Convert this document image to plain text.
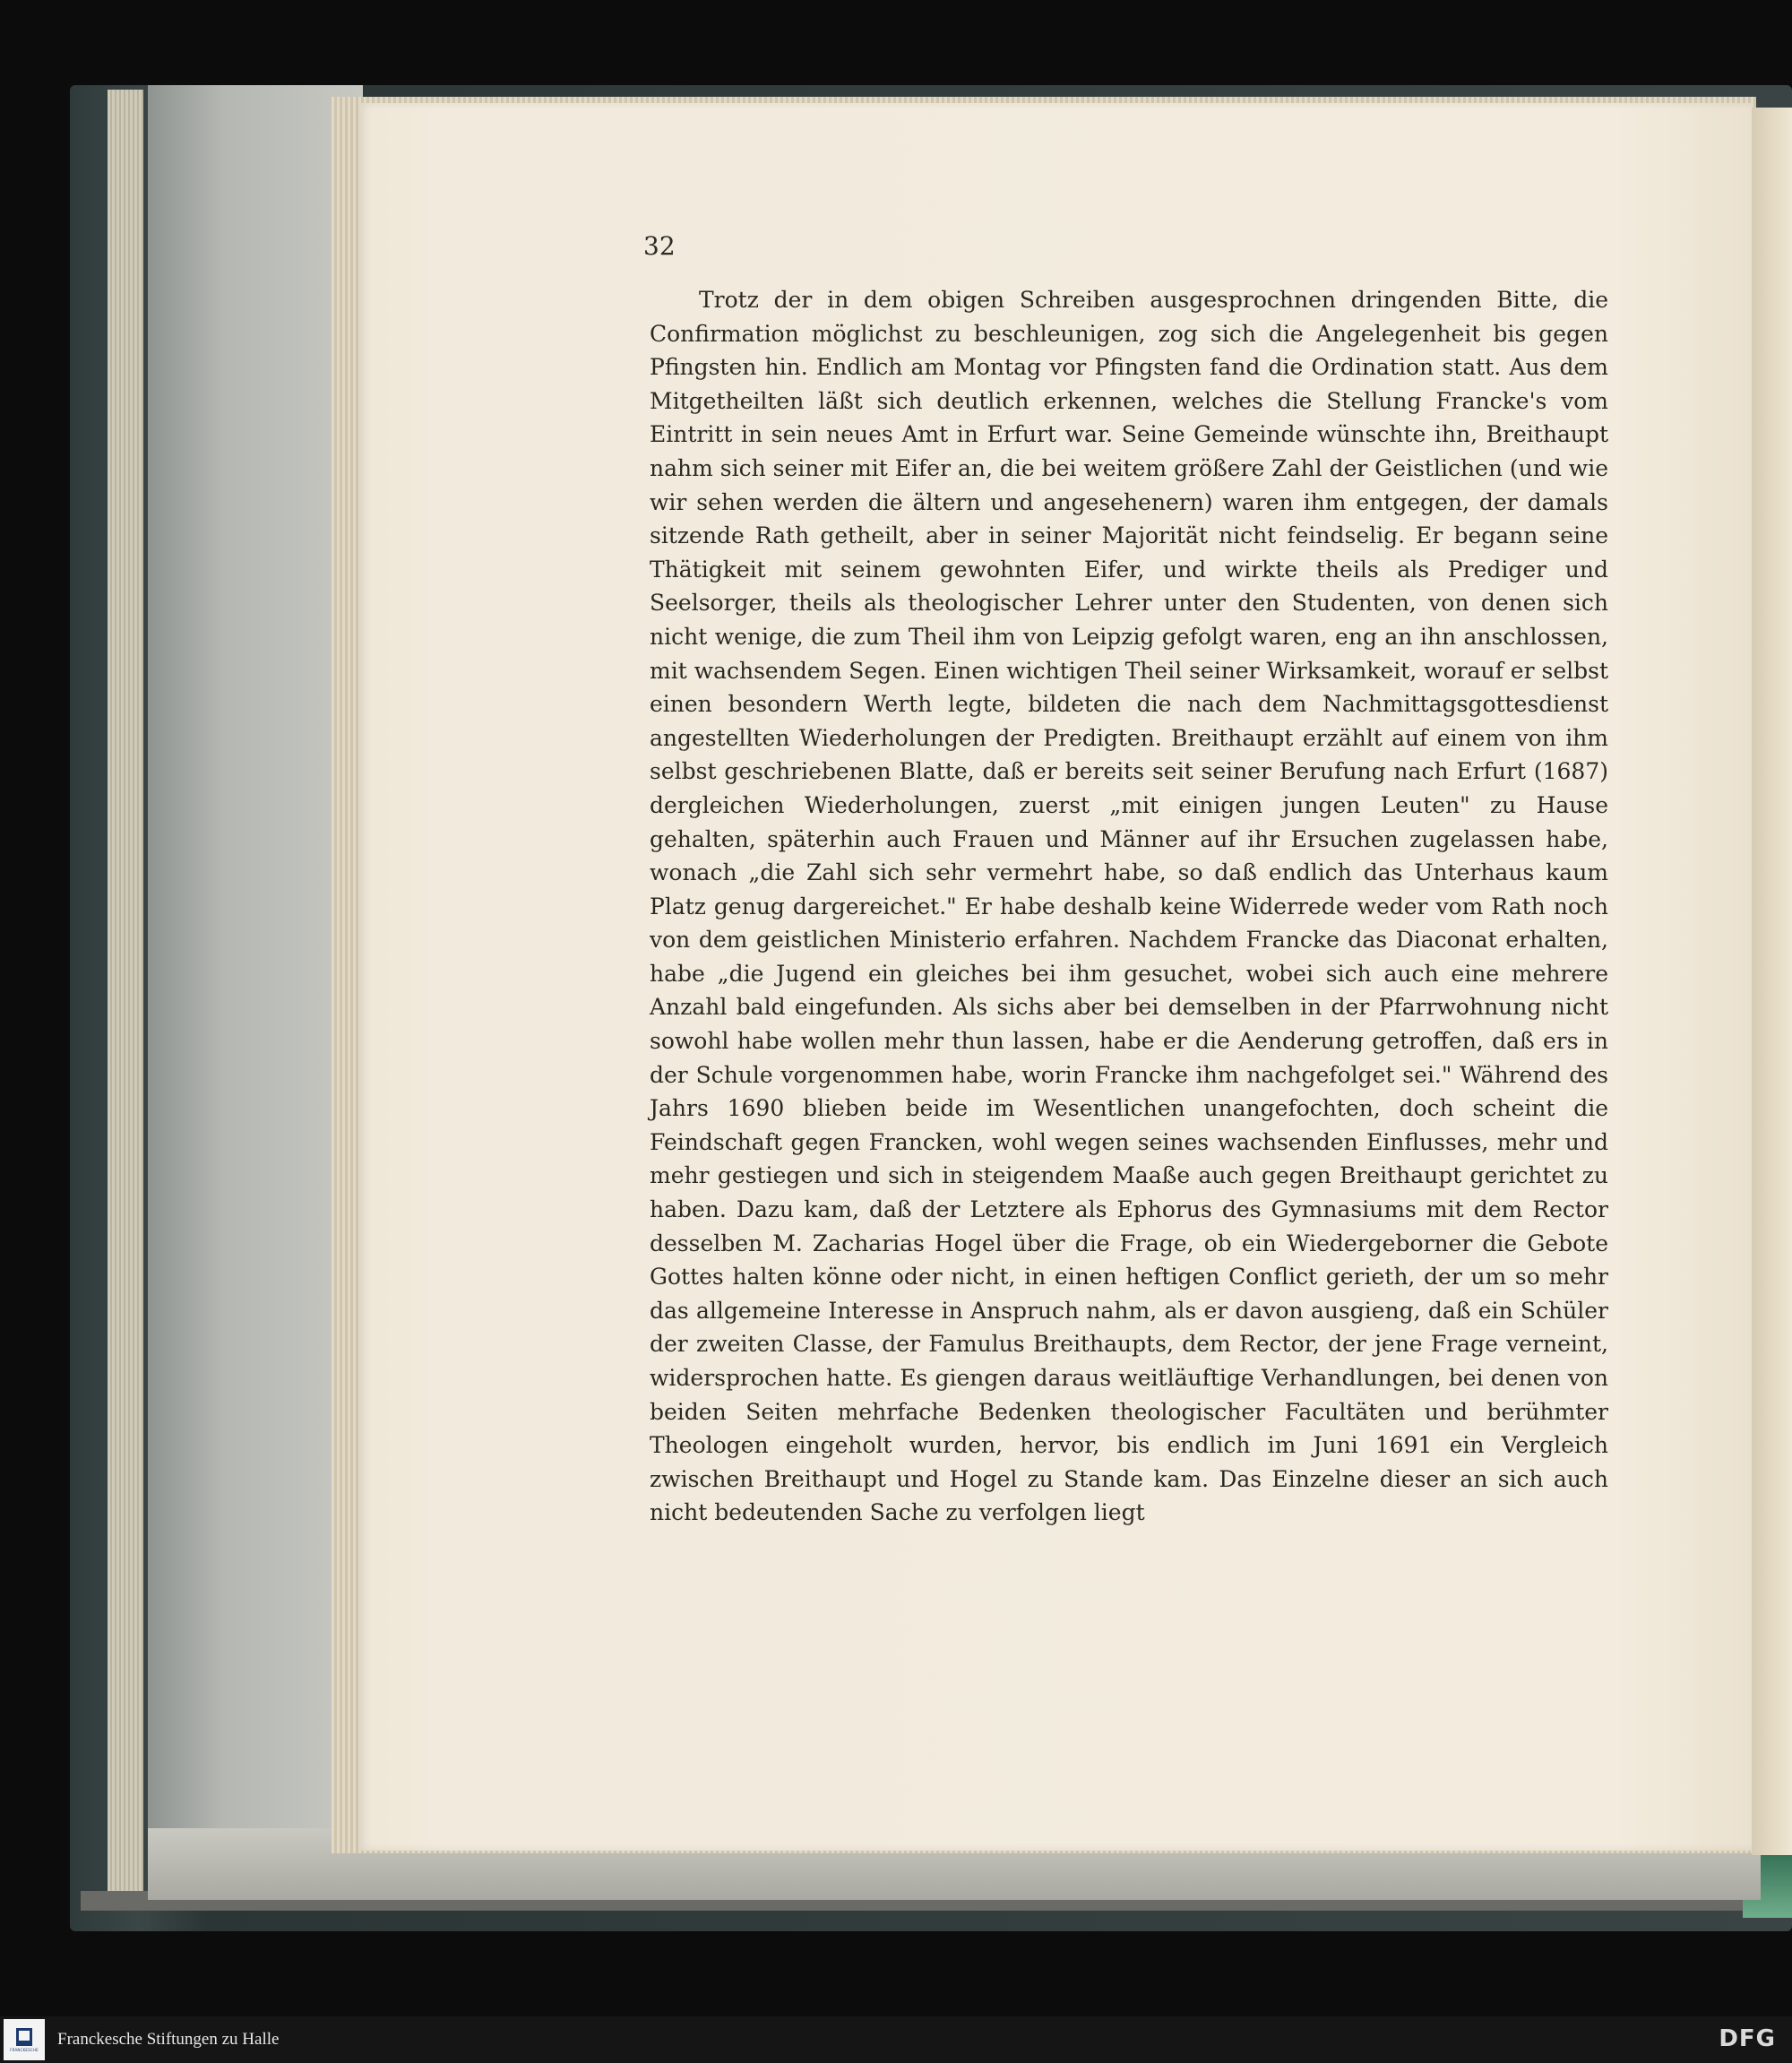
32

Trotz der in dem obigen Schreiben ausgesprochnen dringenden Bitte, die Confirmation möglichst zu beschleunigen, zog sich die Angelegenheit bis gegen Pfingsten hin. Endlich am Montag vor Pfingsten fand die Ordination statt. Aus dem Mitgetheilten läßt sich deutlich erkennen, welches die Stellung Francke's vom Eintritt in sein neues Amt in Erfurt war. Seine Gemeinde wünschte ihn, Breithaupt nahm sich seiner mit Eifer an, die bei weitem größere Zahl der Geistlichen (und wie wir sehen werden die ältern und angesehenern) waren ihm entgegen, der damals sitzende Rath getheilt, aber in seiner Majorität nicht feindselig. Er begann seine Thätigkeit mit seinem gewohnten Eifer, und wirkte theils als Prediger und Seelsorger, theils als theologischer Lehrer unter den Studenten, von denen sich nicht wenige, die zum Theil ihm von Leipzig gefolgt waren, eng an ihn anschlossen, mit wachsendem Segen. Einen wichtigen Theil seiner Wirksamkeit, worauf er selbst einen besondern Werth legte, bildeten die nach dem Nachmittagsgottesdienst angestellten Wiederholungen der Predigten. Breithaupt erzählt auf einem von ihm selbst geschriebenen Blatte, daß er bereits seit seiner Berufung nach Erfurt (1687) dergleichen Wiederholungen, zuerst „mit einigen jungen Leuten" zu Hause gehalten, späterhin auch Frauen und Männer auf ihr Ersuchen zugelassen habe, wonach „die Zahl sich sehr vermehrt habe, so daß endlich das Unterhaus kaum Platz genug dargereichet." Er habe deshalb keine Widerrede weder vom Rath noch von dem geistlichen Ministerio erfahren. Nachdem Francke das Diaconat erhalten, habe „die Jugend ein gleiches bei ihm gesuchet, wobei sich auch eine mehrere Anzahl bald eingefunden. Als sichs aber bei demselben in der Pfarrwohnung nicht sowohl habe wollen mehr thun lassen, habe er die Aenderung getroffen, daß ers in der Schule vorgenommen habe, worin Francke ihm nachgefolget sei." Während des Jahrs 1690 blieben beide im Wesentlichen unangefochten, doch scheint die Feindschaft gegen Francken, wohl wegen seines wachsenden Einflusses, mehr und mehr gestiegen und sich in steigendem Maaße auch gegen Breithaupt gerichtet zu haben. Dazu kam, daß der Letztere als Ephorus des Gymnasiums mit dem Rector desselben M. Zacharias Hogel über die Frage, ob ein Wiedergeborner die Gebote Gottes halten könne oder nicht, in einen heftigen Conflict gerieth, der um so mehr das allgemeine Interesse in Anspruch nahm, als er davon ausgieng, daß ein Schüler der zweiten Classe, der Famulus Breithaupts, dem Rector, der jene Frage verneint, widersprochen hatte. Es giengen daraus weitläuftige Verhandlungen, bei denen von beiden Seiten mehrfache Bedenken theologischer Facultäten und berühmter Theologen eingeholt wurden, hervor, bis endlich im Juni 1691 ein Vergleich zwischen Breithaupt und Hogel zu Stande kam. Das Einzelne dieser an sich auch nicht bedeutenden Sache zu verfolgen liegt

FRANCKESCHE
Franckesche Stiftungen zu Halle	DFG
